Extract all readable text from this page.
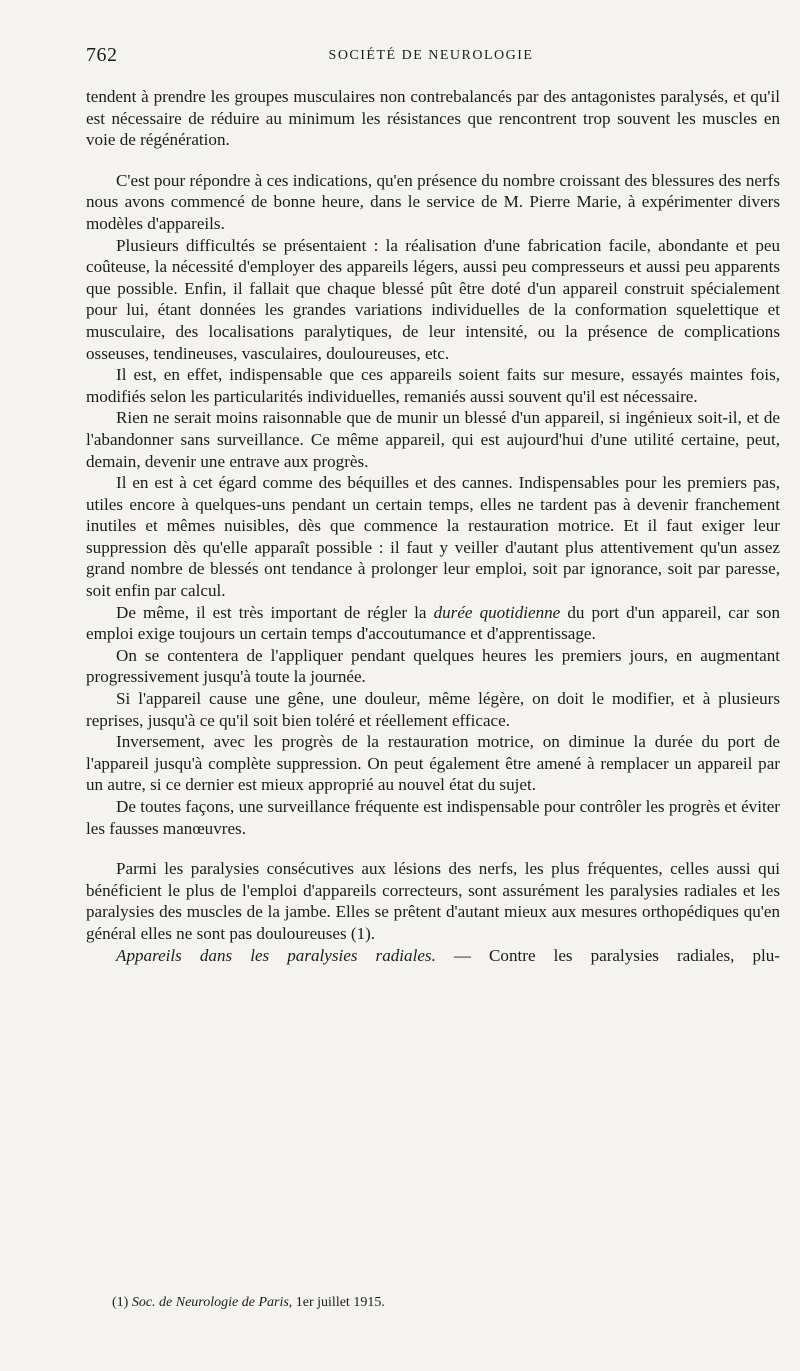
762	SOCIÉTÉ DE NEUROLOGIE

tendent à prendre les groupes musculaires non contrebalancés par des antagonistes paralysés, et qu'il est nécessaire de réduire au minimum les résistances que rencontrent trop souvent les muscles en voie de régénération.

C'est pour répondre à ces indications, qu'en présence du nombre croissant des blessures des nerfs nous avons commencé de bonne heure, dans le service de M. Pierre Marie, à expérimenter divers modèles d'appareils.

Plusieurs difficultés se présentaient : la réalisation d'une fabrication facile, abondante et peu coûteuse, la nécessité d'employer des appareils légers, aussi peu compresseurs et aussi peu apparents que possible. Enfin, il fallait que chaque blessé pût être doté d'un appareil construit spécialement pour lui, étant données les grandes variations individuelles de la conformation squelettique et musculaire, des localisations paralytiques, de leur intensité, ou la présence de complications osseuses, tendineuses, vasculaires, douloureuses, etc.

Il est, en effet, indispensable que ces appareils soient faits sur mesure, essayés maintes fois, modifiés selon les particularités individuelles, remaniés aussi souvent qu'il est nécessaire.

Rien ne serait moins raisonnable que de munir un blessé d'un appareil, si ingénieux soit-il, et de l'abandonner sans surveillance. Ce même appareil, qui est aujourd'hui d'une utilité certaine, peut, demain, devenir une entrave aux progrès.

Il en est à cet égard comme des béquilles et des cannes. Indispensables pour les premiers pas, utiles encore à quelques-uns pendant un certain temps, elles ne tardent pas à devenir franchement inutiles et mêmes nuisibles, dès que commence la restauration motrice. Et il faut exiger leur suppression dès qu'elle apparaît possible : il faut y veiller d'autant plus attentivement qu'un assez grand nombre de blessés ont tendance à prolonger leur emploi, soit par ignorance, soit par paresse, soit enfin par calcul.

De même, il est très important de régler la durée quotidienne du port d'un appareil, car son emploi exige toujours un certain temps d'accoutumance et d'apprentissage.

On se contentera de l'appliquer pendant quelques heures les premiers jours, en augmentant progressivement jusqu'à toute la journée.

Si l'appareil cause une gêne, une douleur, même légère, on doit le modifier, et à plusieurs reprises, jusqu'à ce qu'il soit bien toléré et réellement efficace.

Inversement, avec les progrès de la restauration motrice, on diminue la durée du port de l'appareil jusqu'à complète suppression. On peut également être amené à remplacer un appareil par un autre, si ce dernier est mieux approprié au nouvel état du sujet.

De toutes façons, une surveillance fréquente est indispensable pour contrôler les progrès et éviter les fausses manœuvres.

Parmi les paralysies consécutives aux lésions des nerfs, les plus fréquentes, celles aussi qui bénéficient le plus de l'emploi d'appareils correcteurs, sont assurément les paralysies radiales et les paralysies des muscles de la jambe. Elles se prêtent d'autant mieux aux mesures orthopédiques qu'en général elles ne sont pas douloureuses (1).

Appareils dans les paralysies radiales. — Contre les paralysies radiales, plu-

(1) Soc. de Neurologie de Paris, 1er juillet 1915.
